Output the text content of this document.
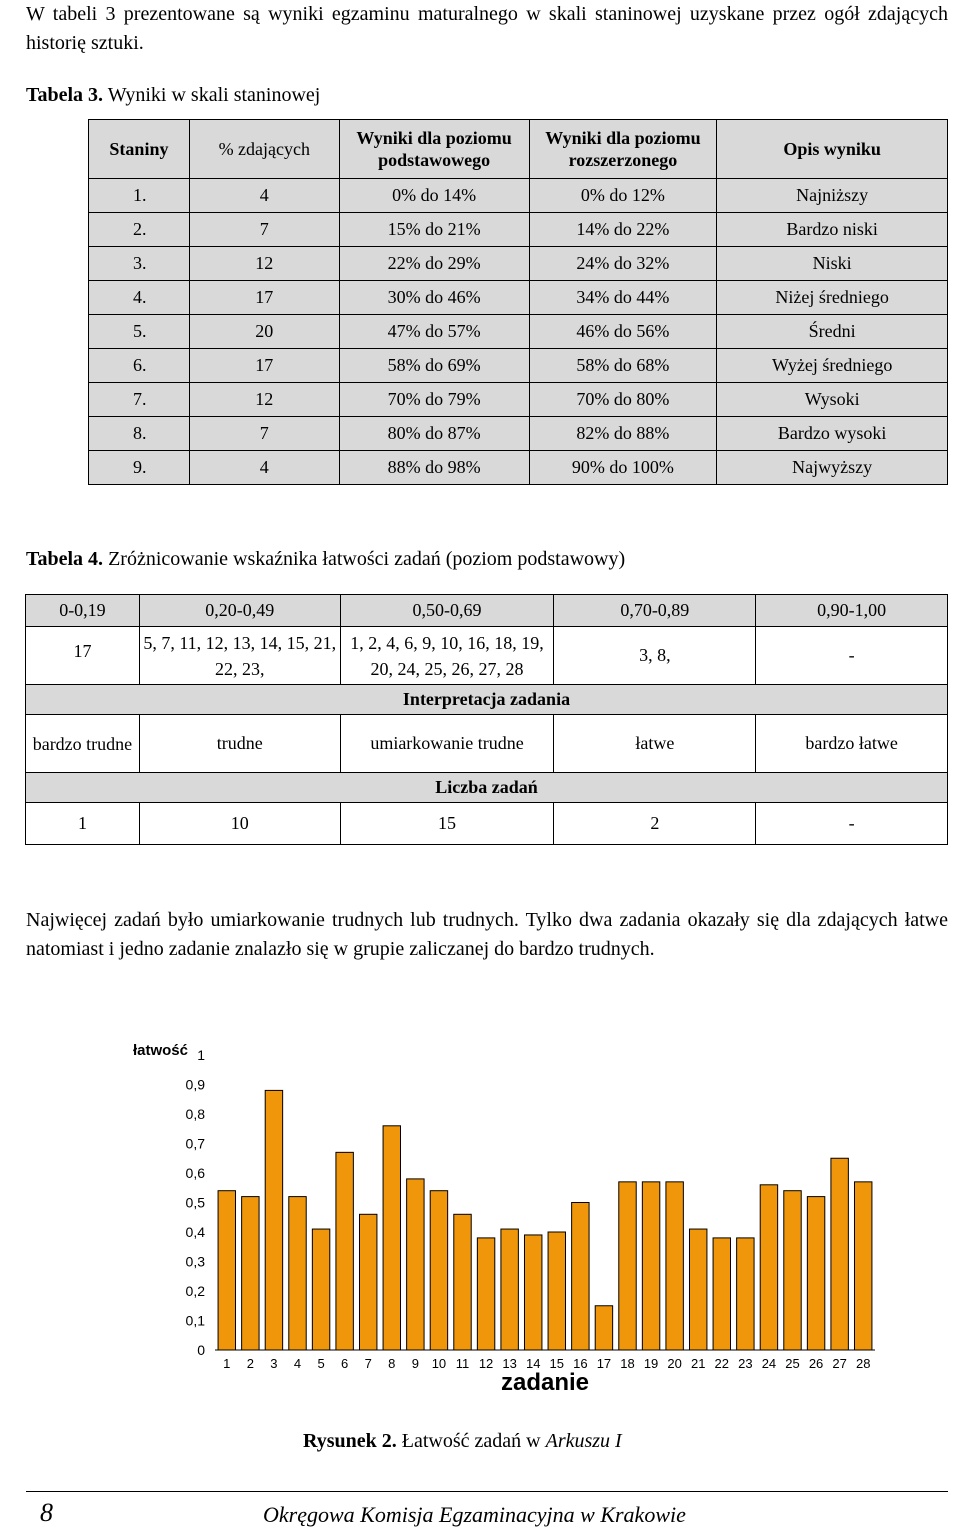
W tabeli 3 prezentowane są wyniki egzaminu maturalnego w skali staninowej uzyskane przez ogół zdających historię sztuki.
Tabela 3. Wyniki w skali staninowej
Staniny	% zdających	Wyniki dla poziomu podstawowego	Wyniki dla poziomu rozszerzonego	Opis wyniku
1.	4	0% do 14%	0% do 12%	Najniższy
2.	7	15% do 21%	14% do 22%	Bardzo niski
3.	12	22% do 29%	24% do 32%	Niski
4.	17	30% do 46%	34% do 44%	Niżej średniego
5.	20	47% do 57%	46% do 56%	Średni
6.	17	58% do 69%	58% do 68%	Wyżej średniego
7.	12	70% do 79%	70% do 80%	Wysoki
8.	7	80% do 87%	82% do 88%	Bardzo wysoki
9.	4	88% do 98%	90% do 100%	Najwyższy
Tabela 4. Zróżnicowanie wskaźnika łatwości zadań (poziom podstawowy)
0-0,19	0,20-0,49	0,50-0,69	0,70-0,89	0,90-1,00
17	5, 7, 11, 12, 13, 14, 15, 21, 22, 23,	1, 2, 4, 6, 9, 10, 16, 18, 19, 20, 24, 25, 26, 27, 28	3, 8,	-
Interpretacja zadania				
bardzo trudne	trudne	umiarkowanie trudne	łatwe	bardzo łatwe
Liczba zadań				
1	10	15	2	-
Najwięcej zadań było umiarkowanie trudnych lub trudnych. Tylko dwa zadania okazały się dla zdających łatwe natomiast i jedno zadanie znalazło się w grupie zaliczanej do bardzo trudnych.
1
0,9
0,8
0,7
0,6
0,5
0,4
0,3
0,2
0,1
0
łatwość
1 2 3 4 5 6 7 8 9 10 11 12 13 14 15 16 17 18 19 20 21 22 23 24 25 26 27 28
zadanie
Rysunek 2. Łatwość zadań w Arkuszu I
8	Okręgowa Komisja Egzaminacyjna w Krakowie
